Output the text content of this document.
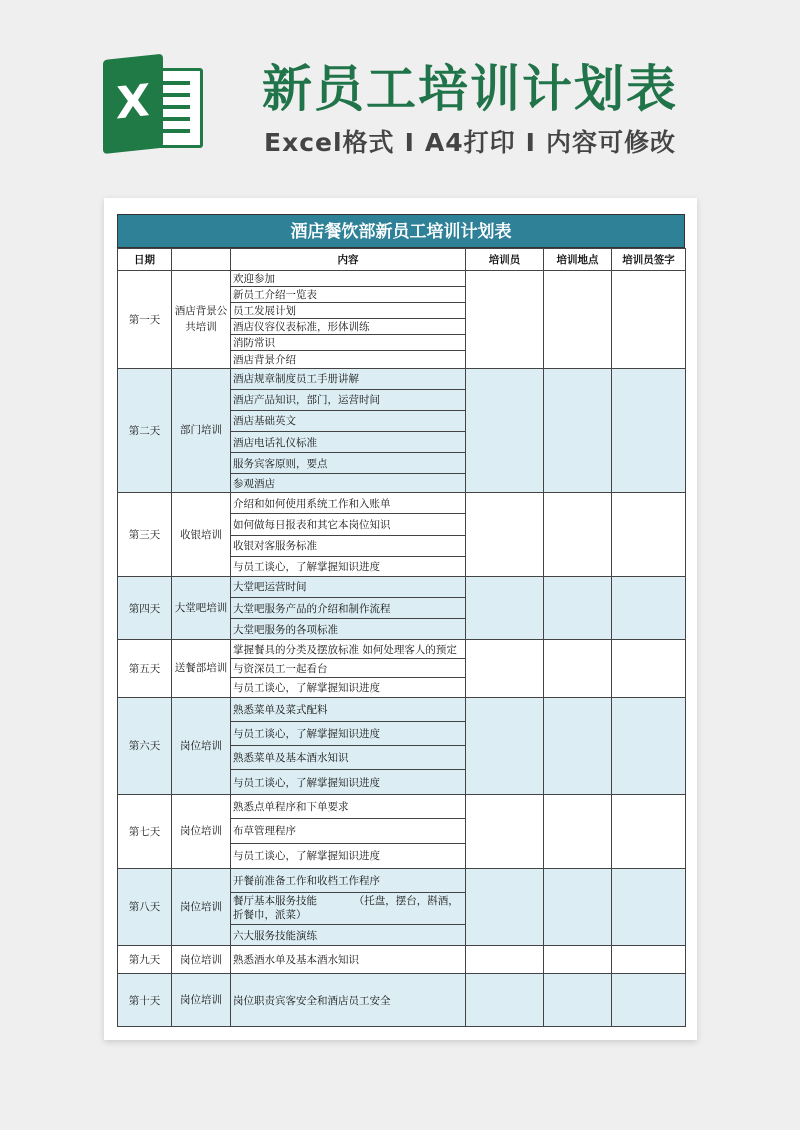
X 新员工培训计划表
Excel格式 I A4打印 I 内容可修改
酒店餐饮部新员工培训计划表
日期		内容	培训员	培训地点	培训员签字
第一天	酒店背景公共培训	欢迎参加			
		新员工介绍一览表			
		员工发展计划			
		酒店仪容仪表标准，形体训练			
		消防常识			
		酒店背景介绍			
第二天	部门培训	酒店规章制度员工手册讲解			
		酒店产品知识，部门，运营时间			
		酒店基础英文			
		酒店电话礼仪标准			
		服务宾客原则，要点			
		参观酒店			
第三天	收银培训	介绍和如何使用系统工作和入账单			
		如何做每日报表和其它本岗位知识			
		收银对客服务标准			
		与员工谈心，了解掌握知识进度			
第四天	大堂吧培训	大堂吧运营时间			
		大堂吧服务产品的介绍和制作流程			
		大堂吧服务的各项标准			
第五天	送餐部培训	掌握餐具的分类及摆放标准 如何处理客人的预定			
		与资深员工一起看台			
		与员工谈心，了解掌握知识进度			
第六天	岗位培训	熟悉菜单及菜式配料			
		与员工谈心，了解掌握知识进度			
		熟悉菜单及基本酒水知识			
		与员工谈心，了解掌握知识进度			
第七天	岗位培训	熟悉点单程序和下单要求			
		布草管理程序			
		与员工谈心，了解掌握知识进度			
第八天	岗位培训	开餐前准备工作和收档工作程序			
		餐厅基本服务技能　　　　（托盘，摆台，斟酒，折餐巾，派菜）			
		六大服务技能演练			
第九天	岗位培训	熟悉酒水单及基本酒水知识			
第十天	岗位培训	岗位职责宾客安全和酒店员工安全			
